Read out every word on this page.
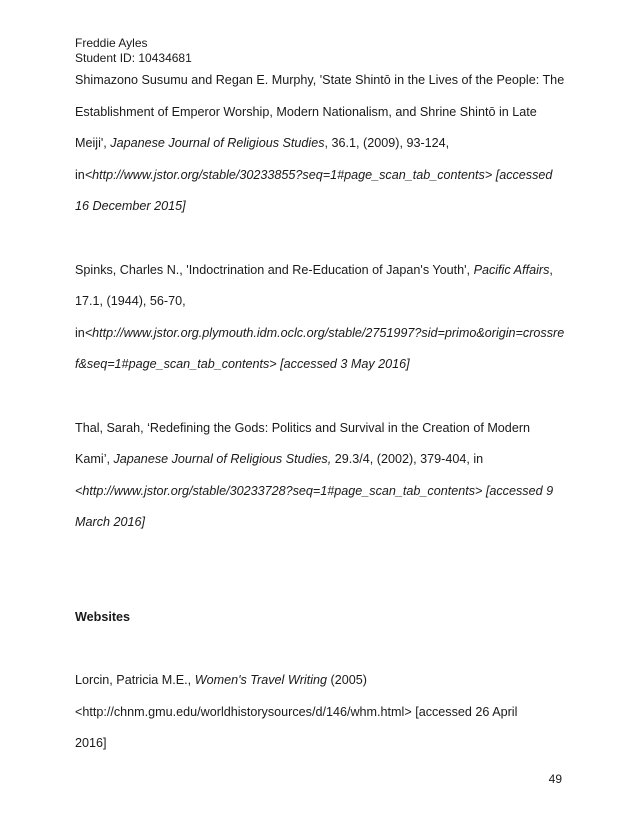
Freddie Ayles
Student ID: 10434681
Shimazono Susumu and Regan E. Murphy, 'State Shintō in the Lives of the People: The
Establishment of Emperor Worship, Modern Nationalism, and Shrine Shintō in Late
Meiji', Japanese Journal of Religious Studies, 36.1, (2009), 93-124,
in<http://www.jstor.org/stable/30233855?seq=1#page_scan_tab_contents> [accessed
16 December 2015]
Spinks, Charles N., 'Indoctrination and Re-Education of Japan's Youth', Pacific Affairs,
17.1, (1944), 56-70,
in<http://www.jstor.org.plymouth.idm.oclc.org/stable/2751997?sid=primo&origin=crossre
f&seq=1#page_scan_tab_contents> [accessed 3 May 2016]
Thal, Sarah, ‘Redefining the Gods: Politics and Survival in the Creation of Modern
Kami’, Japanese Journal of Religious Studies, 29.3/4, (2002), 379-404, in
<http://www.jstor.org/stable/30233728?seq=1#page_scan_tab_contents> [accessed 9
March 2016]
Websites
Lorcin, Patricia M.E., Women's Travel Writing (2005)
<http://chnm.gmu.edu/worldhistorysources/d/146/whm.html> [accessed 26 April
2016]
49
